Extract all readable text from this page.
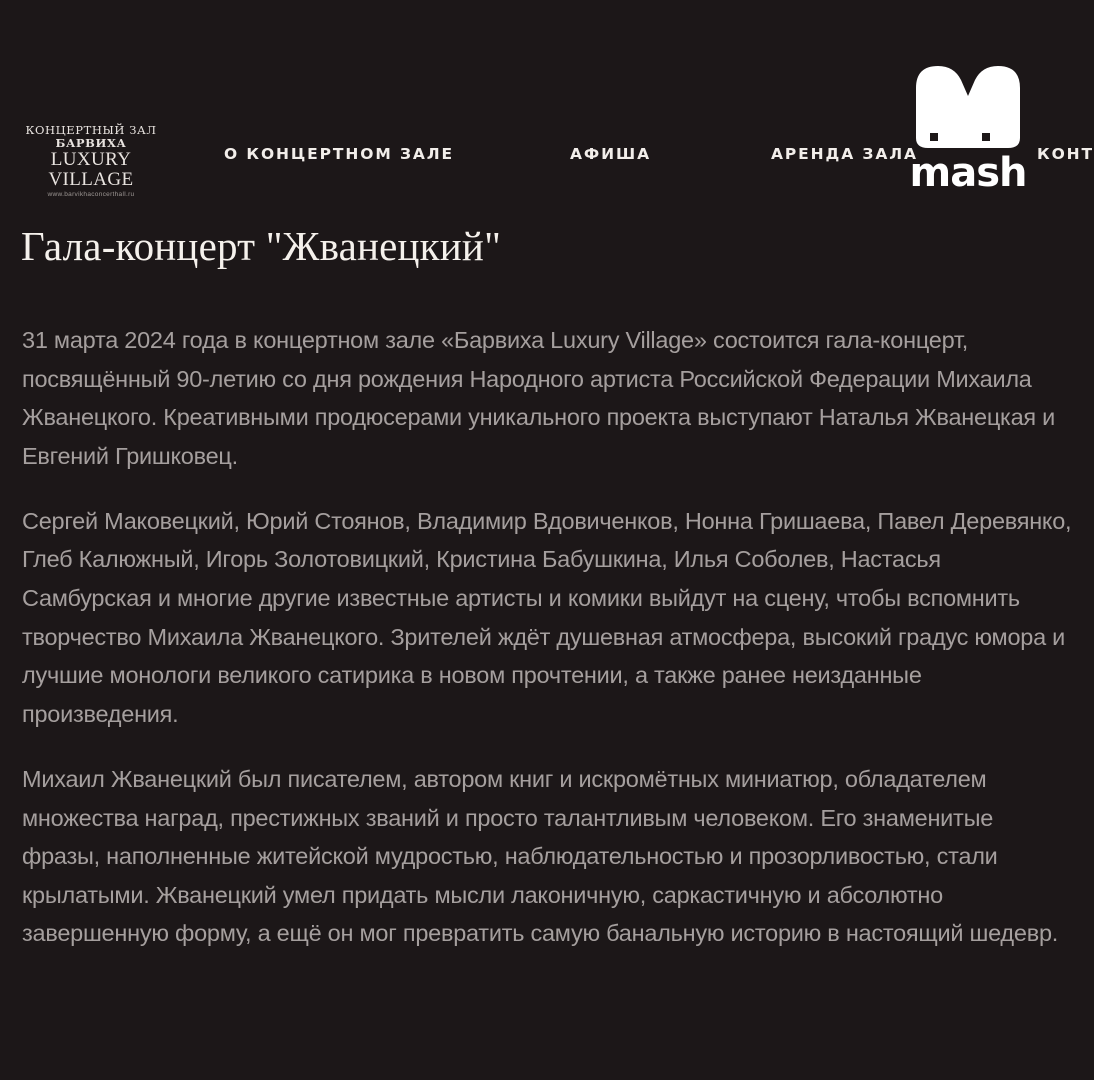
КОНЦЕРТНЫЙ ЗАЛ
БАРВИХА
LUXURY VILLAGE
www.barvikhaconcerthall.ru
О КОНЦЕРТНОМ ЗАЛЕ	АФИША	АРЕНДА ЗАЛА	КОНТ
mash
Гала-концерт "Жванецкий"

31 марта 2024 года в концертном зале «Барвиха Luxury Village» состоится гала-концерт, посвящённый 90-летию со дня рождения Народного артиста Российской Федерации Михаила Жванецкого. Креативными продюсерами уникального проекта выступают Наталья Жванецкая и Евгений Гришковец.

Сергей Маковецкий, Юрий Стоянов, Владимир Вдовиченков, Нонна Гришаева, Павел Деревянко, Глеб Калюжный, Игорь Золотовицкий, Кристина Бабушкина, Илья Соболев, Настасья Самбурская и многие другие известные артисты и комики выйдут на сцену, чтобы вспомнить творчество Михаила Жванецкого. Зрителей ждёт душевная атмосфера, высокий градус юмора и лучшие монологи великого сатирика в новом прочтении, а также ранее неизданные произведения.

Михаил Жванецкий был писателем, автором книг и искромётных миниатюр, обладателем множества наград, престижных званий и просто талантливым человеком. Его знаменитые фразы, наполненные житейской мудростью, наблюдательностью и прозорливостью, стали крылатыми. Жванецкий умел придать мысли лаконичную, саркастичную и абсолютно завершенную форму, а ещё он мог превратить самую банальную историю в настоящий шедевр.
